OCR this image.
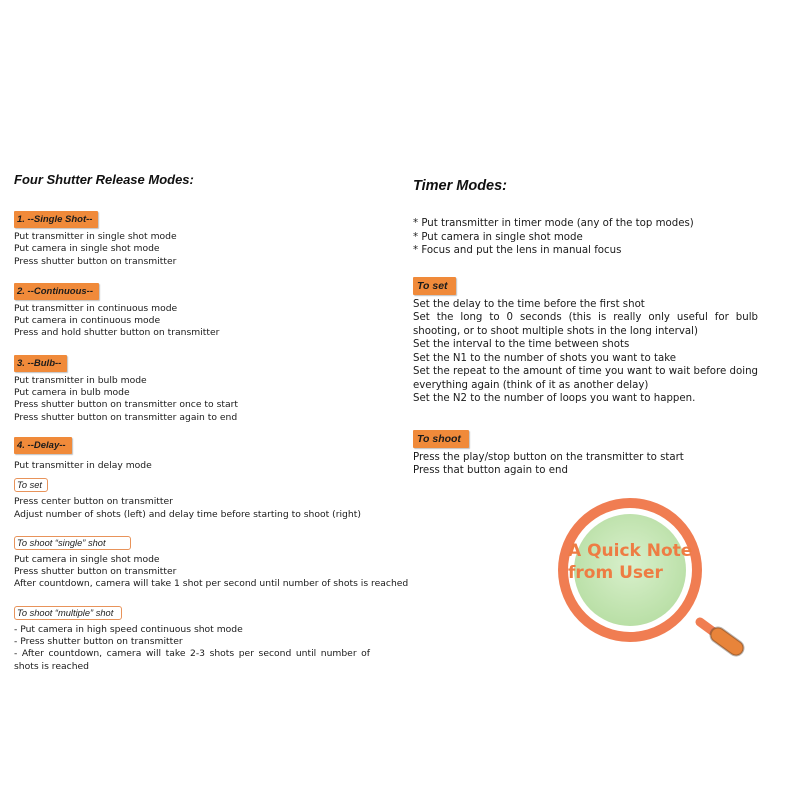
Four Shutter Release Modes:
1. --Single Shot--
Put transmitter in single shot mode
Put camera in single shot mode
Press shutter button on transmitter
2. --Continuous--
Put transmitter in continuous mode
Put camera in continuous mode
Press and hold shutter button on transmitter
3. --Bulb--
Put transmitter in bulb mode
Put camera in bulb mode
Press shutter button on transmitter once to start
Press shutter button on transmitter again to end
4. --Delay--
Put transmitter in delay mode
To set
Press center button on transmitter
Adjust number of shots (left) and delay time before starting to shoot (right)
To shoot “single” shot
Put camera in single shot mode
Press shutter button on transmitter
After countdown, camera will take 1 shot per second until number of shots is reached
To shoot “multiple” shot
- Put camera in high speed continuous shot mode
- Press shutter button on transmitter
- After countdown, camera will take 2-3 shots per second until number of shots is reached
Timer Modes:
* Put transmitter in timer mode (any of the top modes)
* Put camera in single shot mode
* Focus and put the lens in manual focus
To set
Set the delay to the time before the first shot
Set the long to 0 seconds (this is really only useful for bulb shooting, or to shoot multiple shots in the long interval)
Set the interval to the time between shots
Set the N1 to the number of shots you want to take
Set the repeat to the amount of time you want to wait before doing everything again (think of it as another delay)
Set the N2 to the number of loops you want to happen.
To shoot
Press the play/stop button on the transmitter to start
Press that button again to end
A Quick Note
from User
